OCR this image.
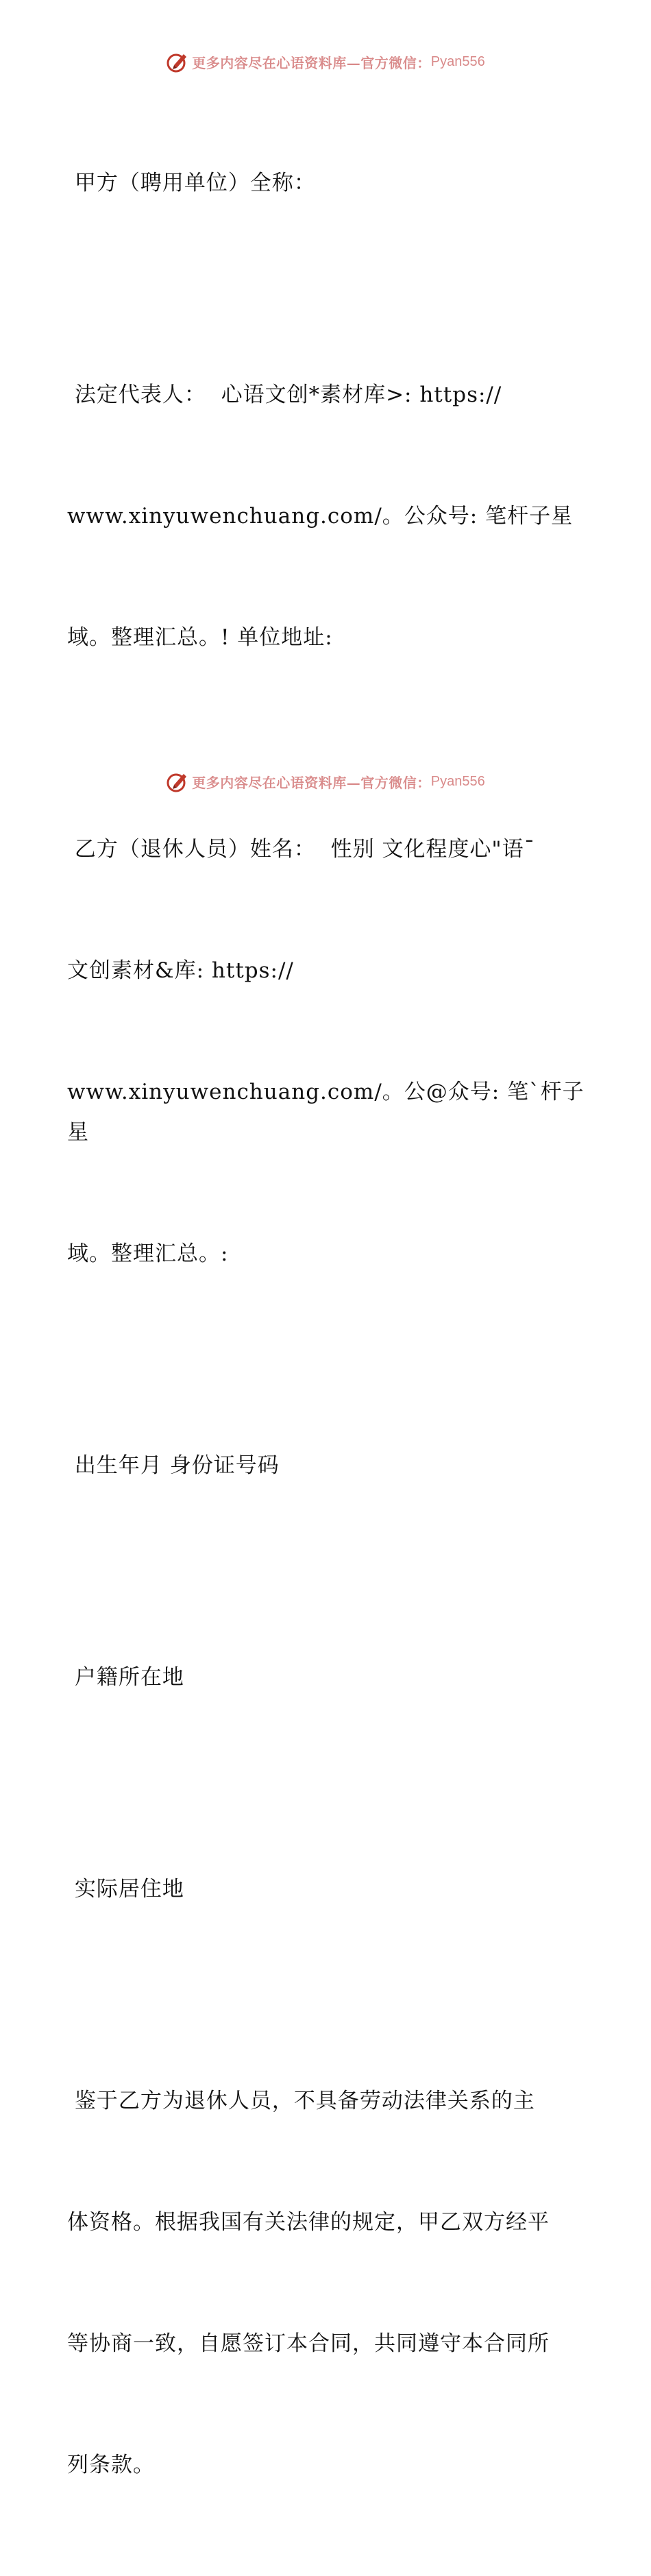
更多内容尽在心语资料库—官方微信： Pyan556

甲方（聘用单位）全称：

法定代表人：  心语文创*素材库>: https://

www.xinyuwenchuang.com/。公众号: 笔杆子星

域。整理汇总。! 单位地址:

乙方（退休人员）姓名：  性别 文化程度心"语¯

文创素材&库: https://

www.xinyuwenchuang.com/。公@众号: 笔`杆子星

域。整理汇总。:

出生年月 身份证号码

户籍所在地

实际居住地

鉴于乙方为退休人员，不具备劳动法律关系的主

体资格。根据我国有关法律的规定，甲乙双方经平

等协商一致，自愿签订本合同，共同遵守本合同所

列条款。

更多内容尽在心语资料库—官方微信： Pyan556
